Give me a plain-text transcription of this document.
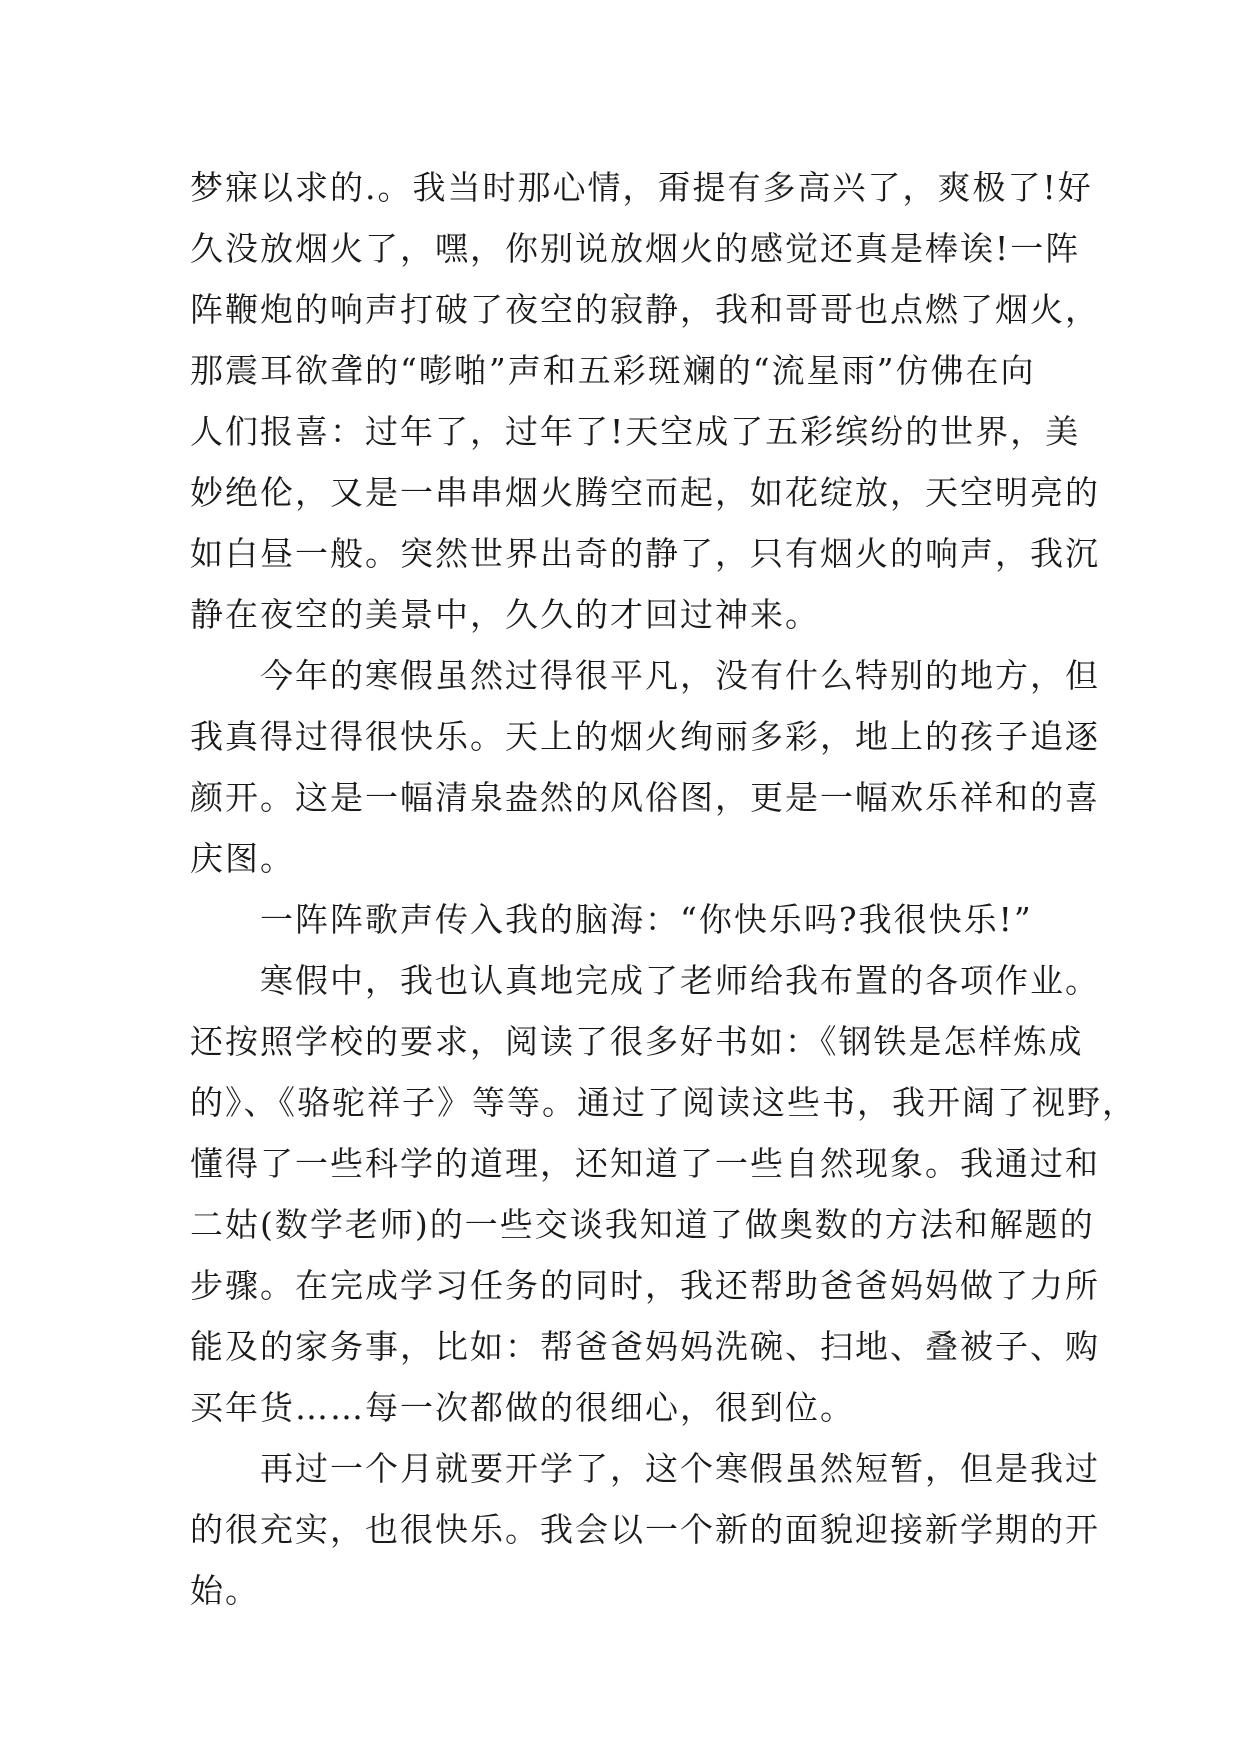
梦寐以求的.。我当时那心情，甭提有多高兴了，爽极了!好
久没放烟火了，嘿，你别说放烟火的感觉还真是棒诶!一阵
阵鞭炮的响声打破了夜空的寂静，我和哥哥也点燃了烟火，
那震耳欲聋的“嘭啪”声和五彩斑斓的“流星雨”仿佛在向
人们报喜：过年了，过年了!天空成了五彩缤纷的世界，美
妙绝伦，又是一串串烟火腾空而起，如花绽放，天空明亮的
如白昼一般。突然世界出奇的静了，只有烟火的响声，我沉
静在夜空的美景中，久久的才回过神来。
　　今年的寒假虽然过得很平凡，没有什么特别的地方，但
我真得过得很快乐。天上的烟火绚丽多彩，地上的孩子追逐
颜开。这是一幅清泉盎然的风俗图，更是一幅欢乐祥和的喜
庆图。
　　一阵阵歌声传入我的脑海：“你快乐吗?我很快乐!”
　　寒假中，我也认真地完成了老师给我布置的各项作业。
还按照学校的要求，阅读了很多好书如：《钢铁是怎样炼成
的》、《骆驼祥子》等等。通过了阅读这些书，我开阔了视野，
懂得了一些科学的道理，还知道了一些自然现象。我通过和
二姑(数学老师)的一些交谈我知道了做奥数的方法和解题的
步骤。在完成学习任务的同时，我还帮助爸爸妈妈做了力所
能及的家务事，比如：帮爸爸妈妈洗碗、扫地、叠被子、购
买年货……每一次都做的很细心，很到位。
　　再过一个月就要开学了，这个寒假虽然短暂，但是我过
的很充实，也很快乐。我会以一个新的面貌迎接新学期的开
始。
